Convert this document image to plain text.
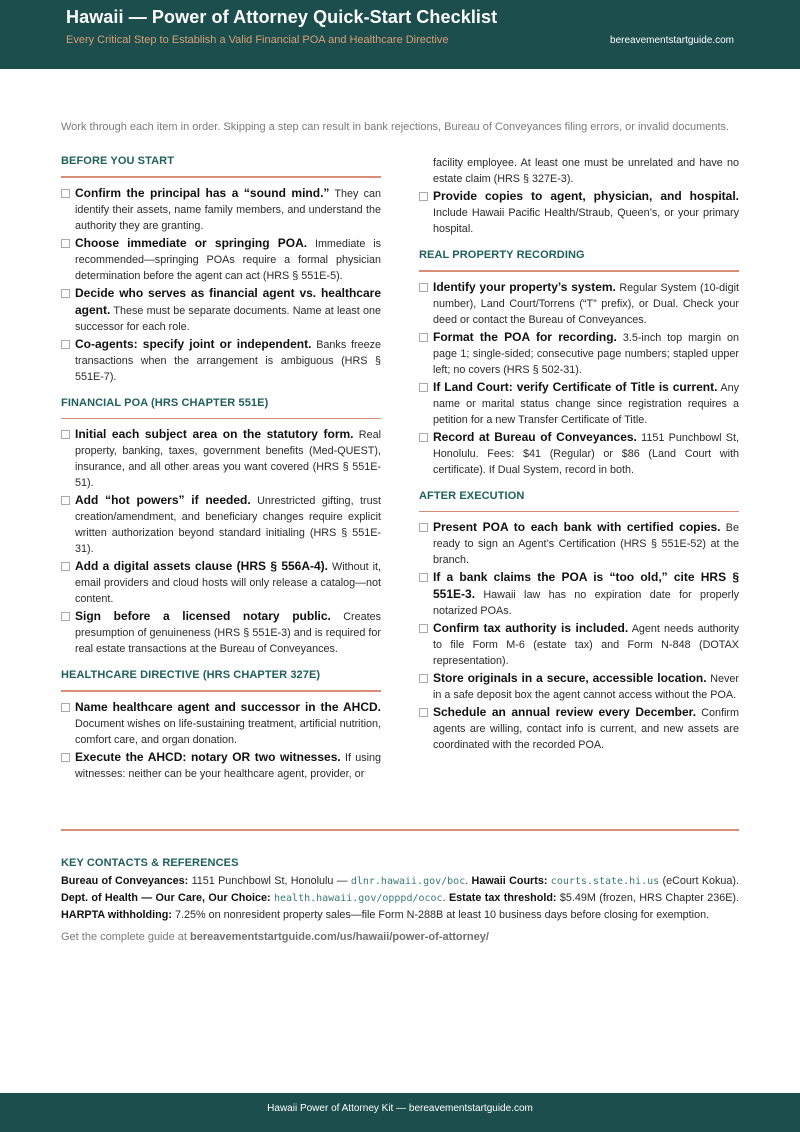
Hawaii — Power of Attorney Quick-Start Checklist
Every Critical Step to Establish a Valid Financial POA and Healthcare Directive	bereavementstartguide.com
Work through each item in order. Skipping a step can result in bank rejections, Bureau of Conveyances filing errors, or invalid documents.
BEFORE YOU START
Confirm the principal has a “sound mind.” They can identify their assets, name family members, and understand the authority they are granting.
Choose immediate or springing POA. Immediate is recommended—springing POAs require a formal physician determination before the agent can act (HRS § 551E-5).
Decide who serves as financial agent vs. healthcare agent. These must be separate documents. Name at least one successor for each role.
Co-agents: specify joint or independent. Banks freeze transactions when the arrangement is ambiguous (HRS § 551E-7).
FINANCIAL POA (HRS CHAPTER 551E)
Initial each subject area on the statutory form. Real property, banking, taxes, government benefits (Med-QUEST), insurance, and all other areas you want covered (HRS § 551E-51).
Add “hot powers” if needed. Unrestricted gifting, trust creation/amendment, and beneficiary changes require explicit written authorization beyond standard initialing (HRS § 551E-31).
Add a digital assets clause (HRS § 556A-4). Without it, email providers and cloud hosts will only release a catalog—not content.
Sign before a licensed notary public. Creates presumption of genuineness (HRS § 551E-3) and is required for real estate transactions at the Bureau of Conveyances.
HEALTHCARE DIRECTIVE (HRS CHAPTER 327E)
Name healthcare agent and successor in the AHCD. Document wishes on life-sustaining treatment, artificial nutrition, comfort care, and organ donation.
Execute the AHCD: notary OR two witnesses. If using witnesses: neither can be your healthcare agent, provider, or
facility employee. At least one must be unrelated and have no estate claim (HRS § 327E-3).
Provide copies to agent, physician, and hospital. Include Hawaii Pacific Health/Straub, Queen’s, or your primary hospital.
REAL PROPERTY RECORDING
Identify your property’s system. Regular System (10-digit number), Land Court/Torrens (“T” prefix), or Dual. Check your deed or contact the Bureau of Conveyances.
Format the POA for recording. 3.5-inch top margin on page 1; single-sided; consecutive page numbers; stapled upper left; no covers (HRS § 502-31).
If Land Court: verify Certificate of Title is current. Any name or marital status change since registration requires a petition for a new Transfer Certificate of Title.
Record at Bureau of Conveyances. 1151 Punchbowl St, Honolulu. Fees: $41 (Regular) or $86 (Land Court with certificate). If Dual System, record in both.
AFTER EXECUTION
Present POA to each bank with certified copies. Be ready to sign an Agent’s Certification (HRS § 551E-52) at the branch.
If a bank claims the POA is “too old,” cite HRS § 551E-3. Hawaii law has no expiration date for properly notarized POAs.
Confirm tax authority is included. Agent needs authority to file Form M-6 (estate tax) and Form N-848 (DOTAX representation).
Store originals in a secure, accessible location. Never in a safe deposit box the agent cannot access without the POA.
Schedule an annual review every December. Confirm agents are willing, contact info is current, and new assets are coordinated with the recorded POA.
KEY CONTACTS & REFERENCES
Bureau of Conveyances: 1151 Punchbowl St, Honolulu — dlnr.hawaii.gov/boc. Hawaii Courts: courts.state.hi.us (eCourt Kokua). Dept. of Health — Our Care, Our Choice: health.hawaii.gov/opppd/ococ. Estate tax threshold: $5.49M (frozen, HRS Chapter 236E). HARPTA withholding: 7.25% on nonresident property sales—file Form N-288B at least 10 business days before closing for exemption.
Get the complete guide at bereavementstartguide.com/us/hawaii/power-of-attorney/
Hawaii Power of Attorney Kit — bereavementstartguide.com
